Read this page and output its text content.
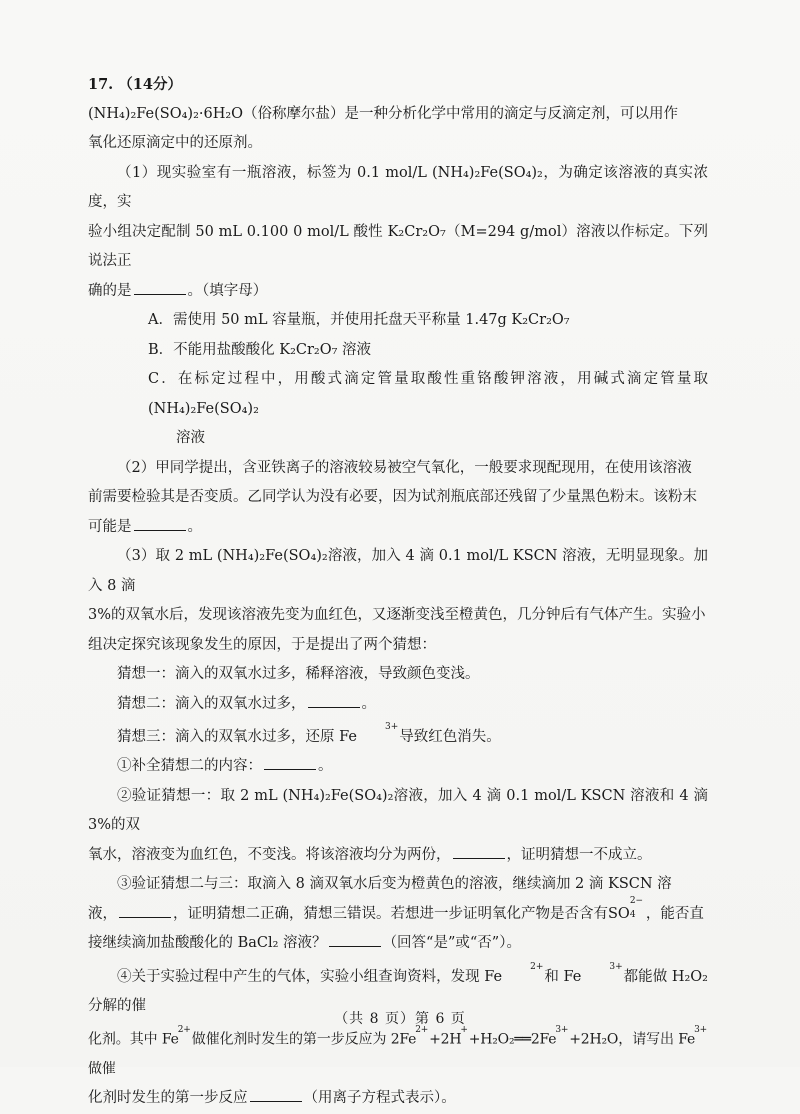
17. （14分）

(NH₄)₂Fe(SO₄)₂·6H₂O（俗称摩尔盐）是一种分析化学中常用的滴定与反滴定剂，可以用作

氧化还原滴定中的还原剂。

（1）现实验室有一瓶溶液，标签为 0.1 mol/L (NH₄)₂Fe(SO₄)₂，为确定该溶液的真实浓度，实

验小组决定配制 50 mL 0.100 0 mol/L 酸性 K₂Cr₂O₇（M=294 g/mol）溶液以作标定。下列说法正

确的是	。（填字母）

A．需使用 50 mL 容量瓶，并使用托盘天平称量 1.47g K₂Cr₂O₇

B．不能用盐酸酸化 K₂Cr₂O₇ 溶液

C．在标定过程中，用酸式滴定管量取酸性重铬酸钾溶液，用碱式滴定管量取(NH₄)₂Fe(SO₄)₂

溶液

（2）甲同学提出，含亚铁离子的溶液较易被空气氧化，一般要求现配现用，在使用该溶液

前需要检验其是否变质。乙同学认为没有必要，因为试剂瓶底部还残留了少量黑色粉末。该粉末

可能是	。

（3）取 2 mL (NH₄)₂Fe(SO₄)₂溶液，加入 4 滴 0.1 mol/L KSCN 溶液，无明显现象。加入 8 滴

3%的双氧水后，发现该溶液先变为血红色，又逐渐变浅至橙黄色，几分钟后有气体产生。实验小

组决定探究该现象发生的原因，于是提出了两个猜想：

猜想一：滴入的双氧水过多，稀释溶液，导致颜色变浅。

猜想二：滴入的双氧水过多，	。

猜想三：滴入的双氧水过多，还原 $Fe^{3+}$导致红色消失。

①补全猜想二的内容：	。

②验证猜想一：取 2 mL (NH₄)₂Fe(SO₄)₂溶液，加入 4 滴 0.1 mol/L KSCN 溶液和 4 滴 3%的双

氧水，溶液变为血红色，不变浅。将该溶液均分为两份，	，证明猜想一不成立。

③验证猜想二与三：取滴入 8 滴双氧水后变为橙黄色的溶液，继续滴加 2 滴 KSCN 溶

液，	，证明猜想二正确，猜想三错误。若想进一步证明氧化产物是否含有SO
2−
4 ，能否直

接继续滴加盐酸酸化的 BaCl₂ 溶液？	（回答“是”或“否”）。

④关于实验过程中产生的气体，实验小组查询资料，发现 $Fe^{2+}$和 $Fe^{3+}$都能做 H₂O₂ 分解的催

化剂。其中 $Fe^{2+}$做催化剂时发生的第一步反应为 $2Fe^{2+}+2H^++H_2O_2══2Fe^{3+}+2H_2O$，请写出 $Fe^{3+}$做催

化剂时发生的第一步反应	（用离子方程式表示）。

（共 8 页）第 6 页
